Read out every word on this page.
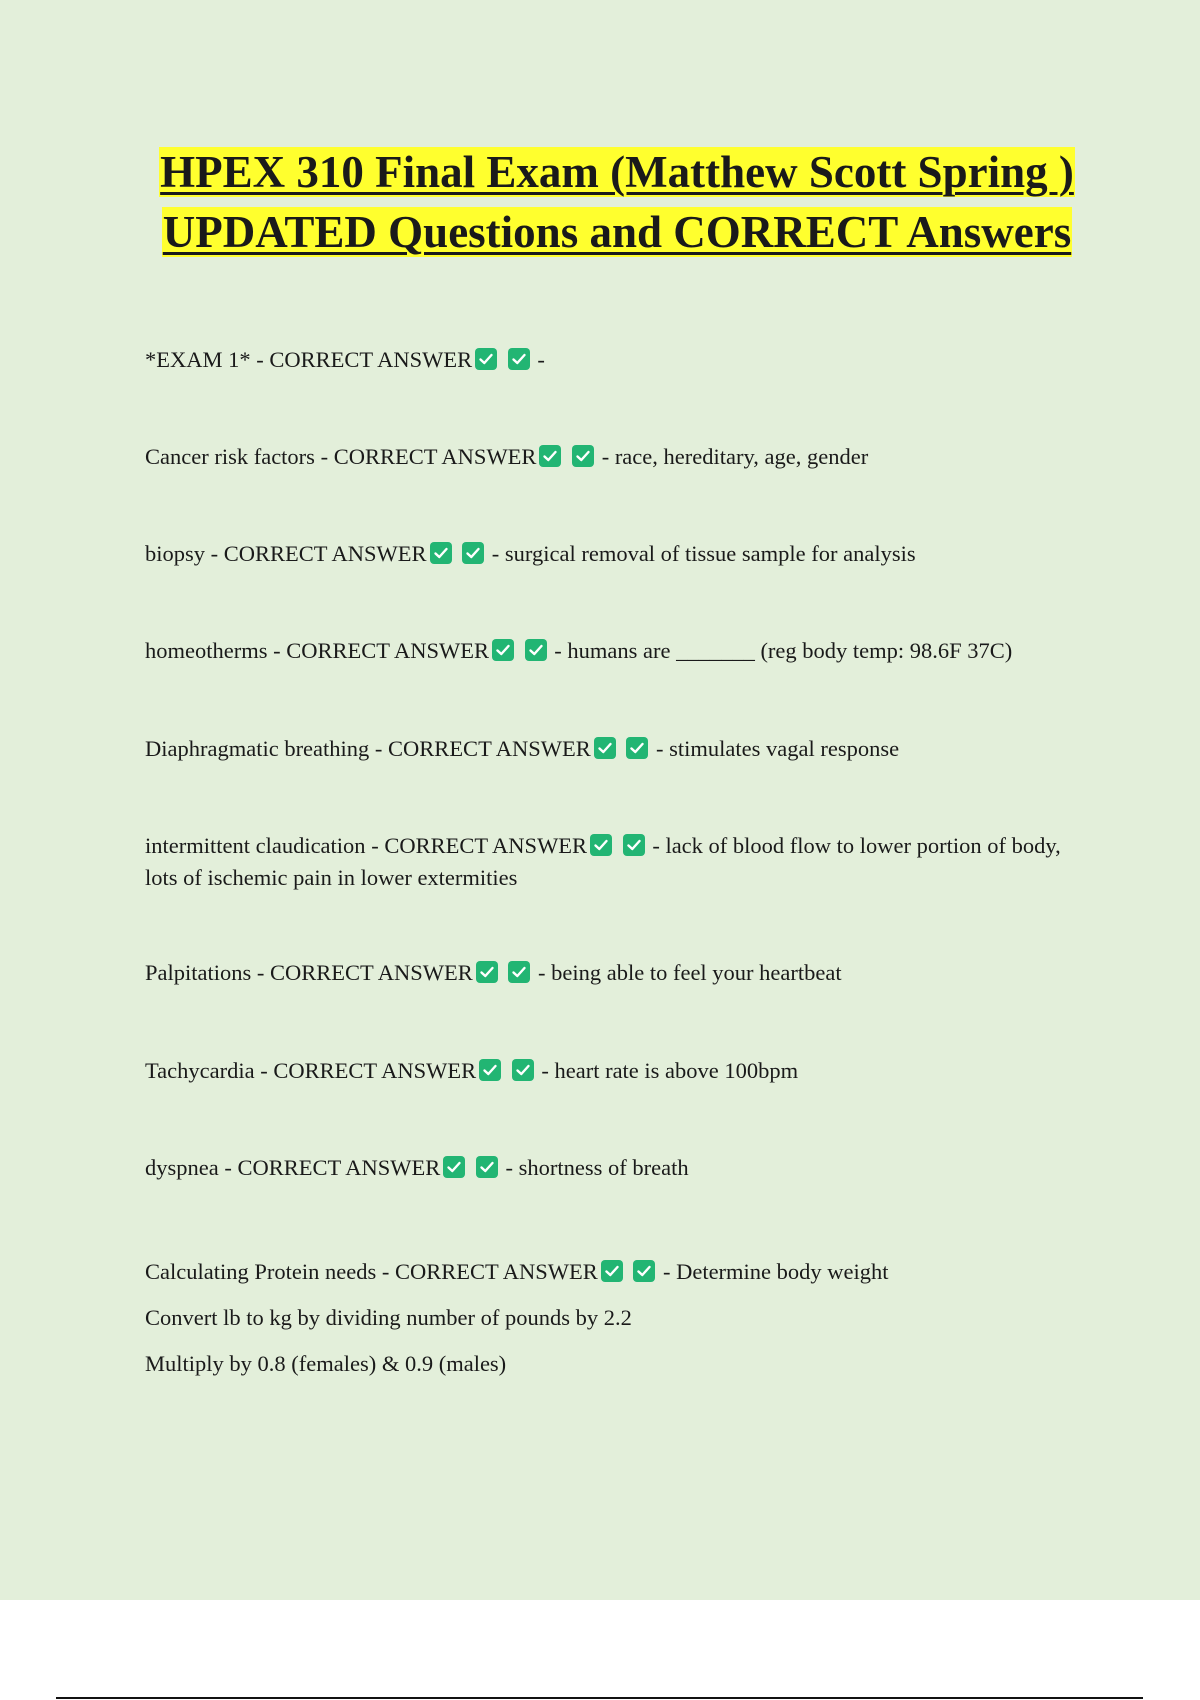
HPEX 310 Final Exam (Matthew Scott Spring ) UPDATED Questions and CORRECT Answers
*EXAM 1* - CORRECT ANSWER
	-
Cancer risk factors - CORRECT ANSWER
	- race, hereditary, age, gender
biopsy - CORRECT ANSWER
	- surgical removal of tissue sample for analysis
homeotherms - CORRECT ANSWER
	- humans are _______ (reg body temp: 98.6F 37C)
Diaphragmatic breathing - CORRECT ANSWER
	- stimulates vagal response
intermittent claudication - CORRECT ANSWER
	- lack of blood flow to lower portion of body, lots of ischemic pain in lower extermities
Palpitations - CORRECT ANSWER
	- being able to feel your heartbeat
Tachycardia - CORRECT ANSWER
	- heart rate is above 100bpm
dyspnea - CORRECT ANSWER
	- shortness of breath
Calculating Protein needs - CORRECT ANSWER
	- Determine body weight
Convert lb to kg by dividing number of pounds by 2.2
Multiply by 0.8 (females) & 0.9 (males)
